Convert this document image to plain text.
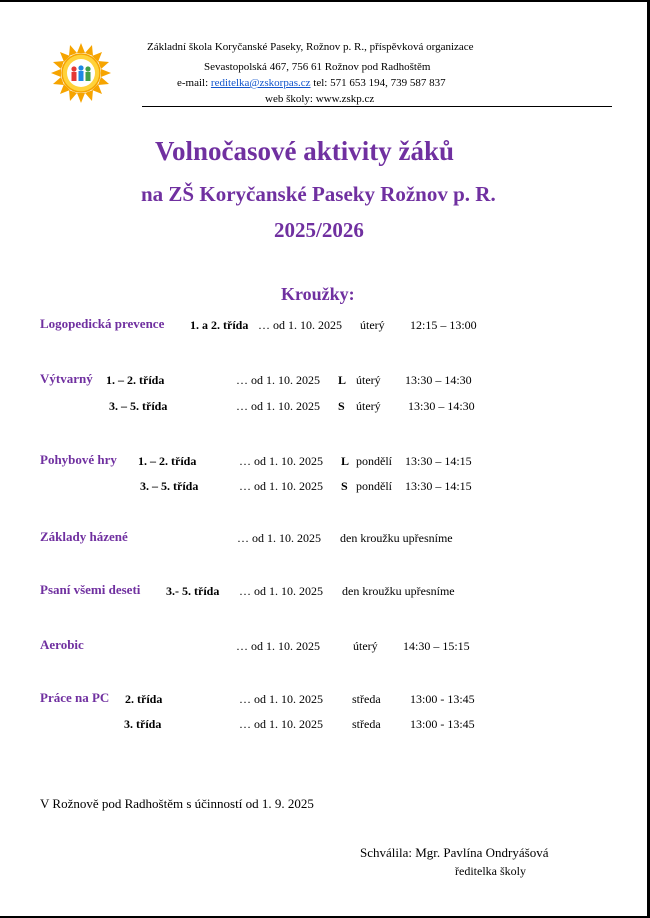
Základní škola Koryčanské Paseky, Rožnov p. R., příspěvková organizace
Sevastopolská 467, 756 61 Rožnov pod Radhoštěm
e-mail: reditelka@zskorpas.cz tel: 571 653 194, 739 587 837
web školy: www.zskp.cz
Volnočasové aktivity žáků
na ZŠ Koryčanské Paseky Rožnov p. R.
2025/2026
Kroužky:
Logopedická prevence 1. a 2. třída … od 1. 10. 2025 úterý 12:15 – 13:00
Výtvarný 1. – 2. třída	… od 1. 10. 2025 L úterý 13:30 – 14:30
3. – 5. třída	… od 1. 10. 2025 S úterý 13:30 – 14:30
Pohybové hry 1. – 2. třída	… od 1. 10. 2025 L pondělí 13:30 – 14:15
3. – 5. třída	… od 1. 10. 2025 S pondělí 13:30 – 14:15
Základy házené	… od 1. 10. 2025 den kroužku upřesníme
Psaní všemi deseti 3.- 5. třída … od 1. 10. 2025 den kroužku upřesníme
Aerobic	… od 1. 10. 2025	úterý 14:30 – 15:15
Práce na PC 2. třída	… od 1. 10. 2025 středa 13:00 - 13:45
3. třída	… od 1. 10. 2025 středa 13:00 - 13:45
V Rožnově pod Radhoštěm s účinností od 1. 9. 2025
Schválila: Mgr. Pavlína Ondryášová
ředitelka školy
